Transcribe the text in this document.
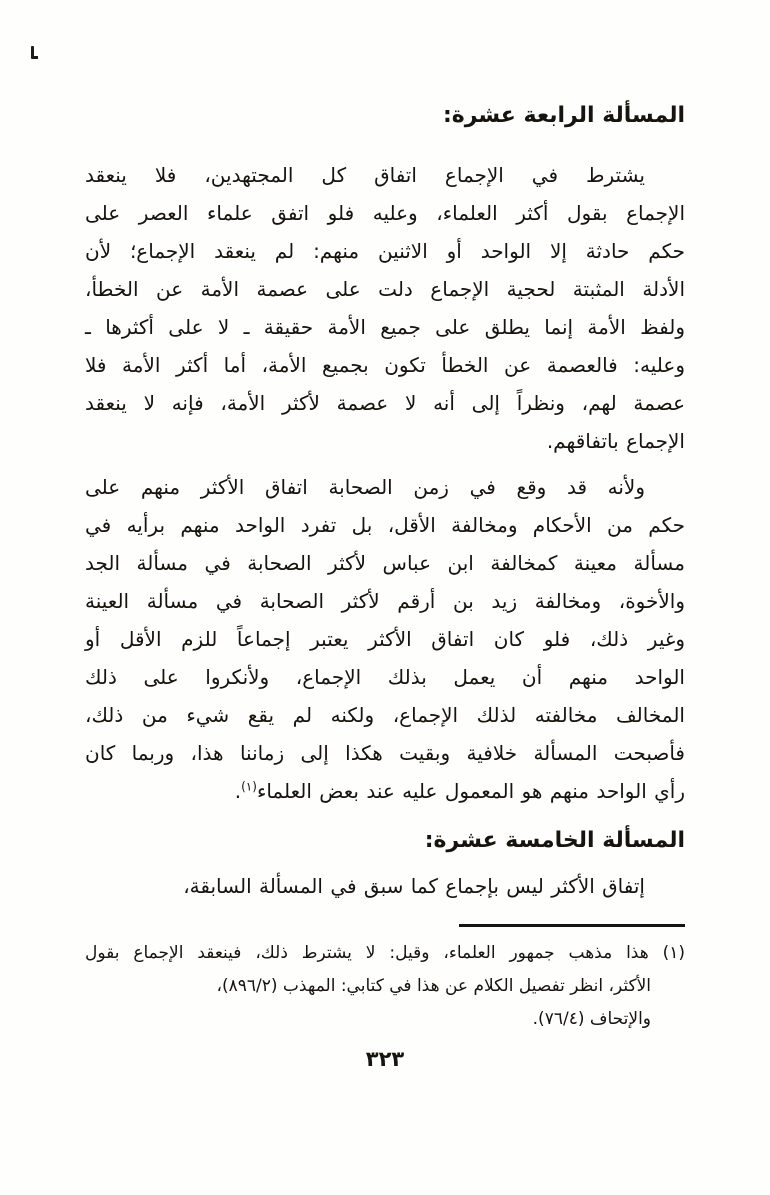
المسألة الرابعة عشرة:
يشترط في الإجماع اتفاق كل المجتهدين، فلا ينعقد
الإجماع بقول أكثر العلماء، وعليه فلو اتفق علماء العصر على
حكم حادثة إلا الواحد أو الاثنين منهم: لم ينعقد الإجماع؛ لأن
الأدلة المثبتة لحجية الإجماع دلت على عصمة الأمة عن الخطأ،
ولفظ الأمة إنما يطلق على جميع الأمة حقيقة ـ لا على أكثرها ـ
وعليه: فالعصمة عن الخطأ تكون بجميع الأمة، أما أكثر الأمة فلا
عصمة لهم، ونظراً إلى أنه لا عصمة لأكثر الأمة، فإنه لا ينعقد
الإجماع باتفاقهم.
ولأنه قد وقع في زمن الصحابة اتفاق الأكثر منهم على
حكم من الأحكام ومخالفة الأقل، بل تفرد الواحد منهم برأيه في
مسألة معينة كمخالفة ابن عباس لأكثر الصحابة في مسألة الجد
والأخوة، ومخالفة زيد بن أرقم لأكثر الصحابة في مسألة العينة
وغير ذلك، فلو كان اتفاق الأكثر يعتبر إجماعاً للزم الأقل أو
الواحد منهم أن يعمل بذلك الإجماع، ولأنكروا على ذلك
المخالف مخالفته لذلك الإجماع، ولكنه لم يقع شيء من ذلك،
فأصبحت المسألة خلافية وبقيت هكذا إلى زماننا هذا، وربما كان
رأي الواحد منهم هو المعمول عليه عند بعض العلماء$^{(١)}$.
المسألة الخامسة عشرة:
إتفاق الأكثر ليس بإجماع كما سبق في المسألة السابقة،
(١) هذا مذهب جمهور العلماء، وقيل: لا يشترط ذلك، فينعقد الإجماع بقول
الأكثر، انظر تفصيل الكلام عن هذا في كتابي: المهذب (٨٩٦/٢)،
والإتحاف (٧٦/٤).
٣٢٣
